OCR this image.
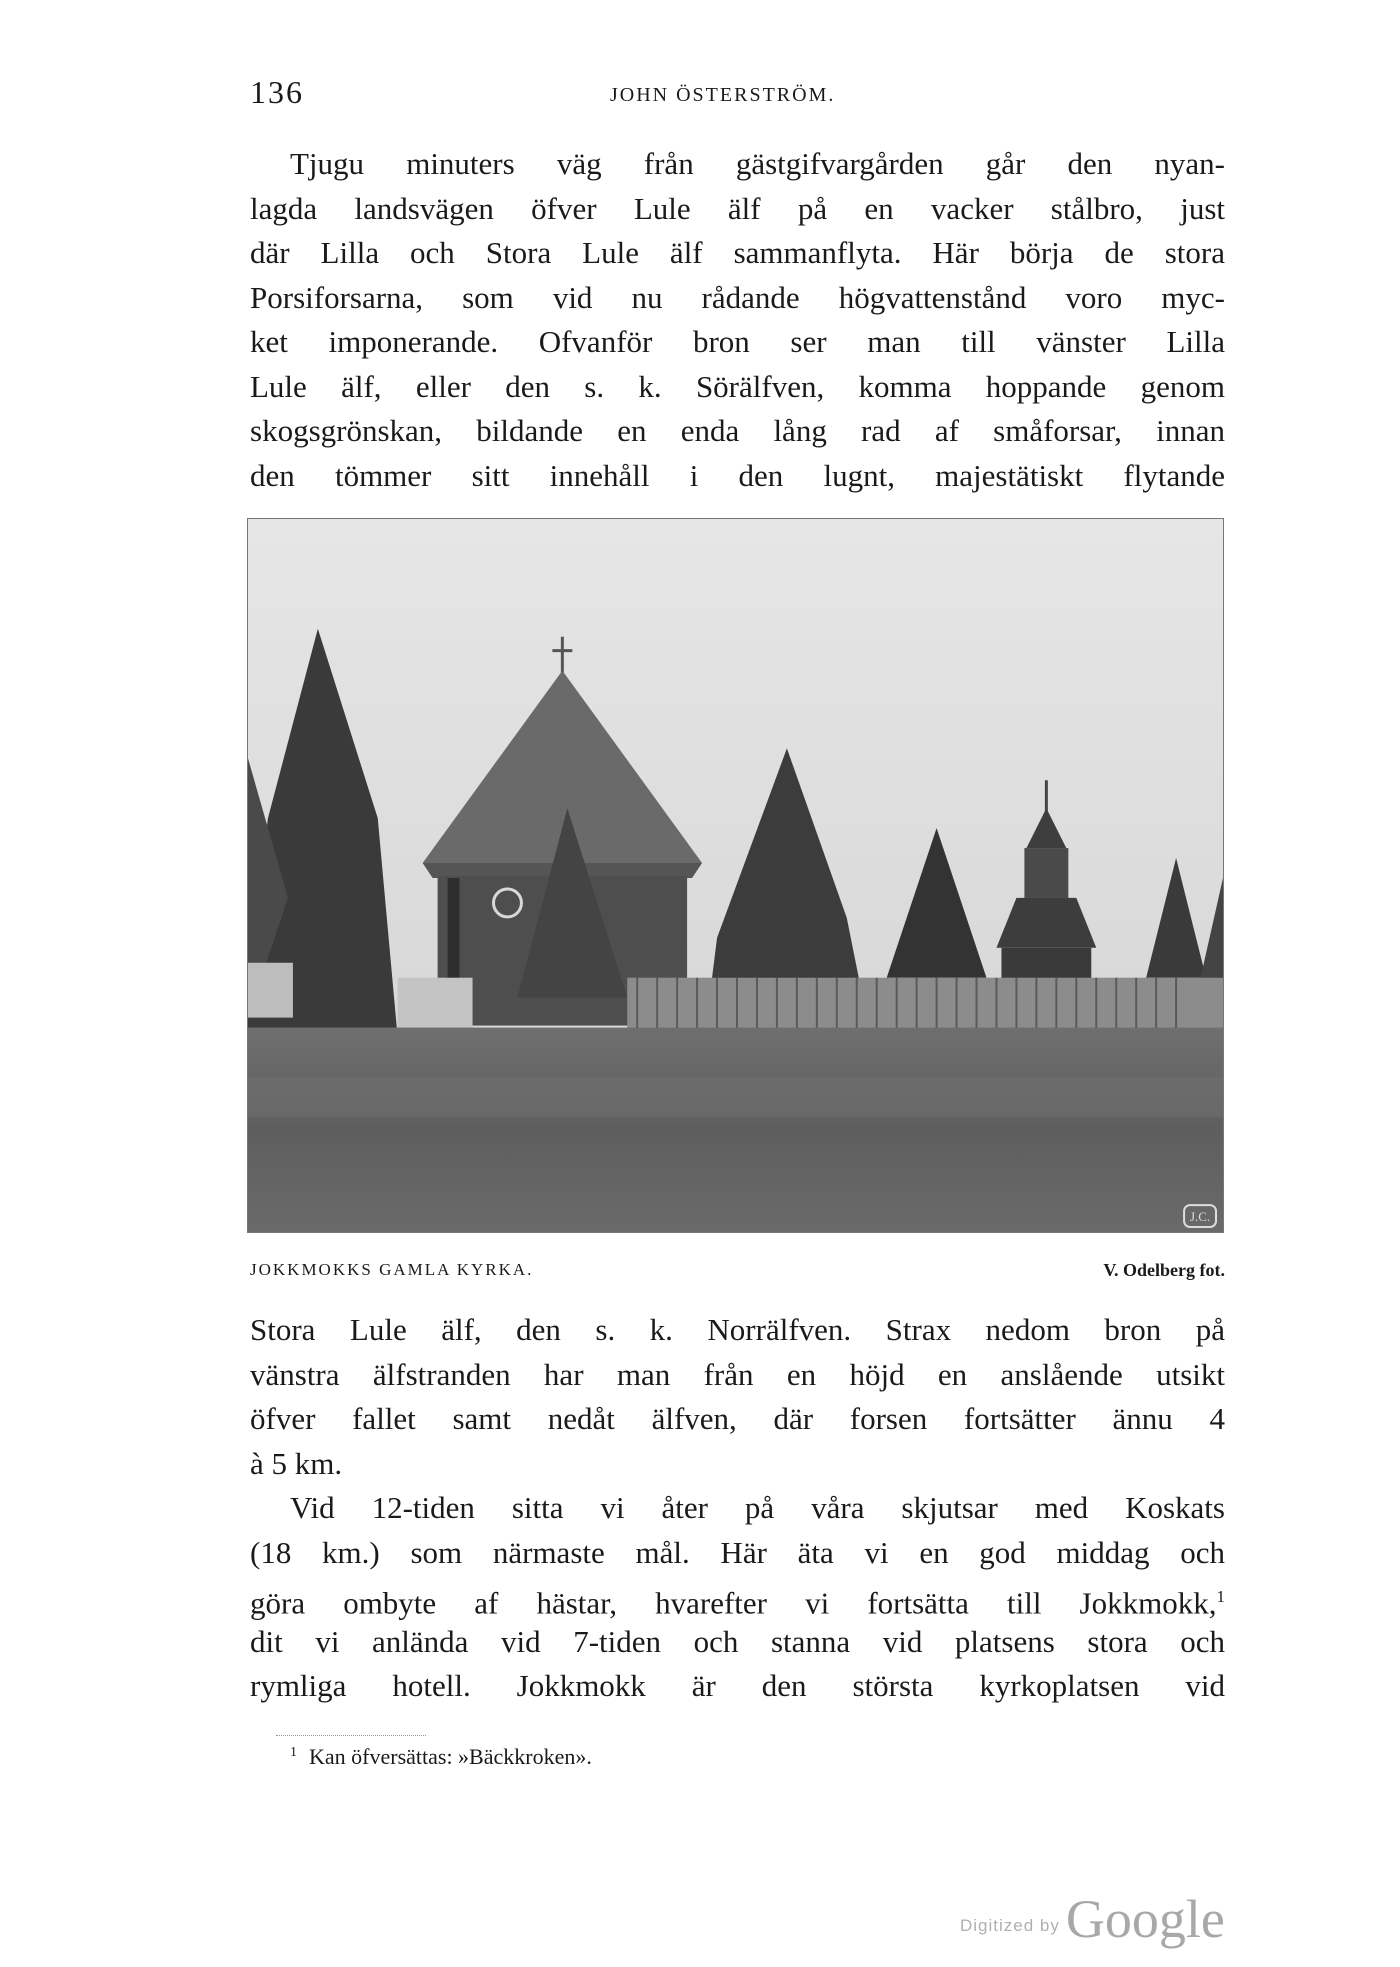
136	JOHN ÖSTERSTRÖM.
Tjugu minuters väg från gästgifvargården går den nyan-
lagda landsvägen öfver Lule älf på en vacker stålbro, just
där Lilla och Stora Lule älf sammanflyta. Här börja de stora
Porsiforsarna, som vid nu rådande högvattenstånd voro myc-
ket imponerande. Ofvanför bron ser man till vänster Lilla
Lule älf, eller den s. k. Sörälfven, komma hoppande genom
skogsgrönskan, bildande en enda lång rad af småforsar, innan
den tömmer sitt innehåll i den lugnt, majestätiskt flytande
J.C.
JOKKMOKKS GAMLA KYRKA.	V. Odelberg fot.
Stora Lule älf, den s. k. Norrälfven. Strax nedom bron på
vänstra älfstranden har man från en höjd en anslående utsikt
öfver fallet samt nedåt älfven, där forsen fortsätter ännu 4
à 5 km.
Vid 12-tiden sitta vi åter på våra skjutsar med Koskats
(18 km.) som närmaste mål. Här äta vi en god middag och
göra ombyte af hästar, hvarefter vi fortsätta till Jokkmokk,$^1$
dit vi anlända vid 7-tiden och stanna vid platsens stora och
rymliga hotell. Jokkmokk är den största kyrkoplatsen vid
$^1$ Kan öfversättas: »Bäckkroken».
Digitized by Google
